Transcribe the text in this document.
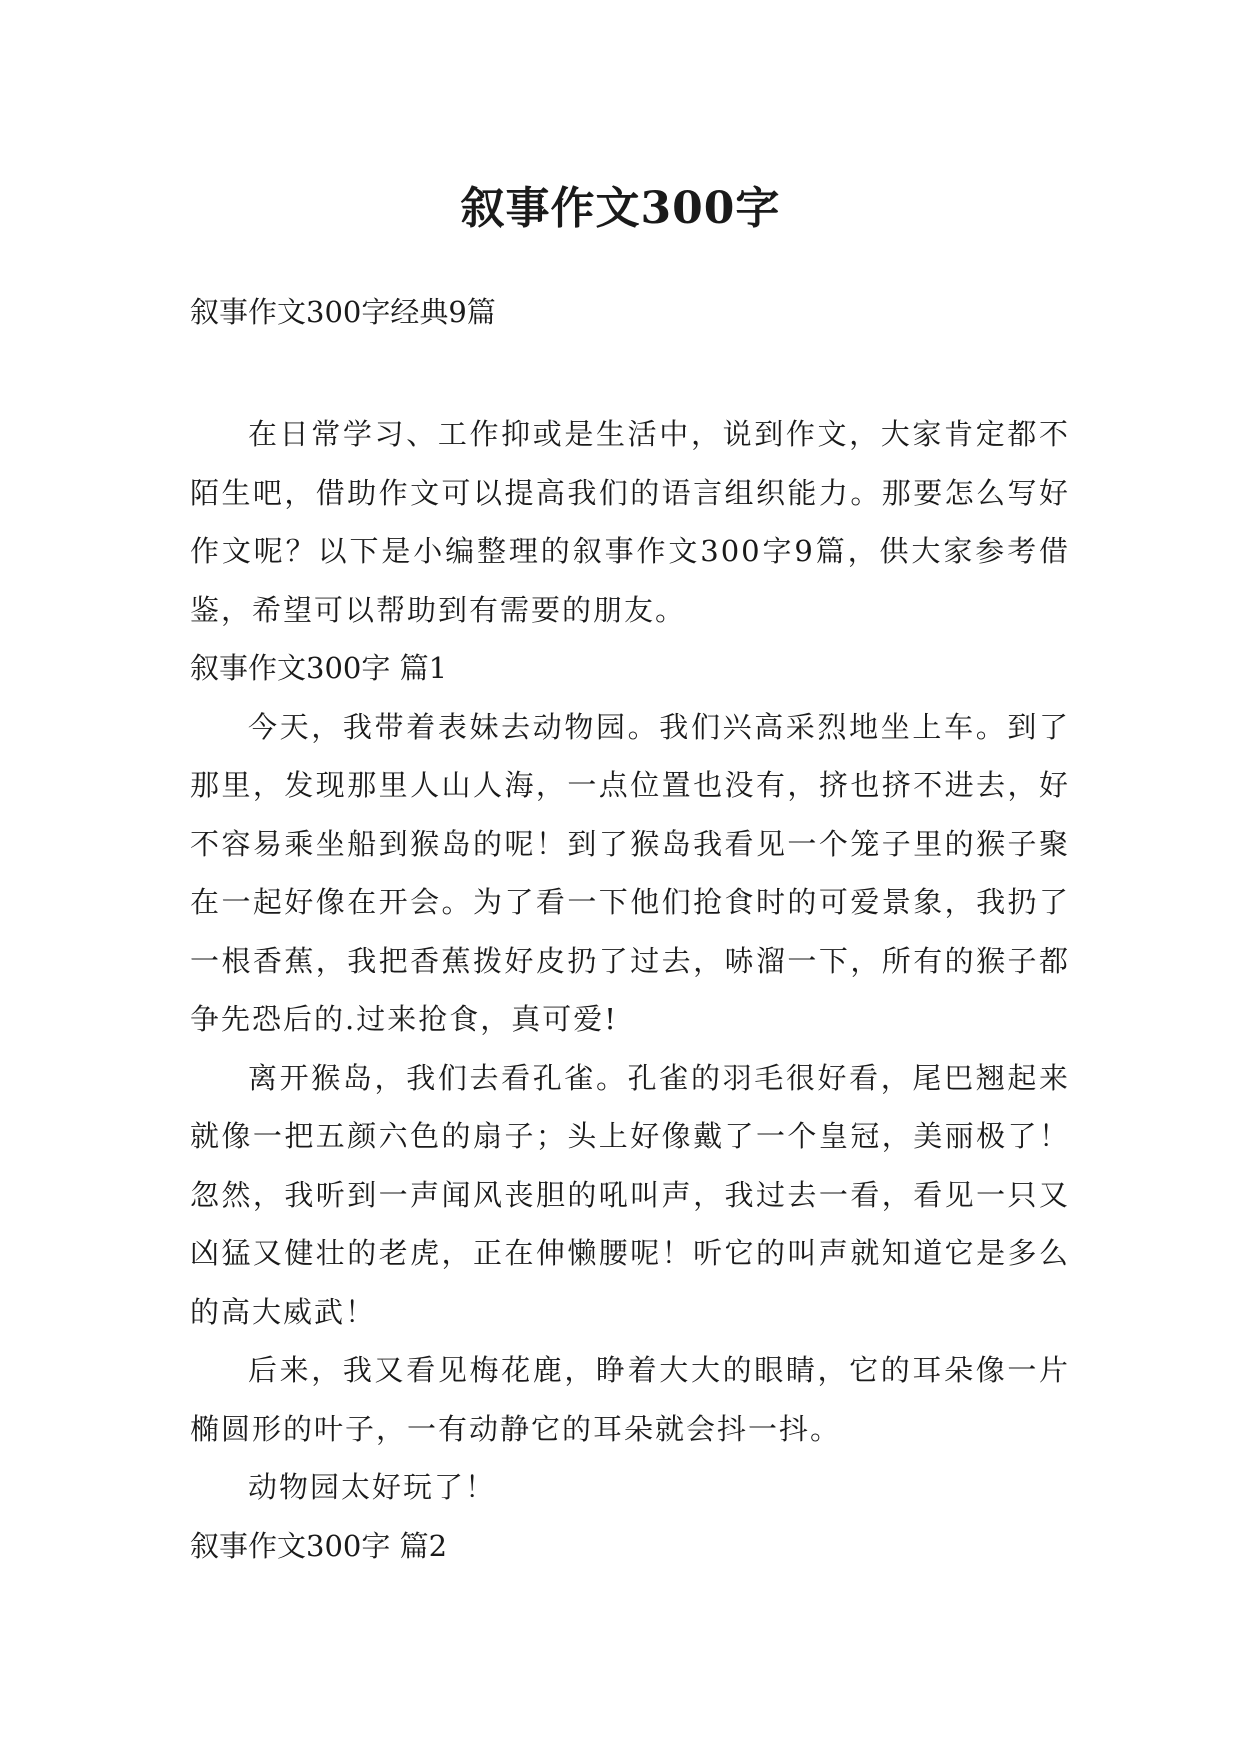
叙事作文300字
叙事作文300字经典9篇

在日常学习、工作抑或是生活中，说到作文，大家肯定都不陌生吧，借助作文可以提高我们的语言组织能力。那要怎么写好作文呢？以下是小编整理的叙事作文300字9篇，供大家参考借鉴，希望可以帮助到有需要的朋友。

叙事作文300字 篇1

今天，我带着表妹去动物园。我们兴高采烈地坐上车。到了那里，发现那里人山人海，一点位置也没有，挤也挤不进去，好不容易乘坐船到猴岛的呢！到了猴岛我看见一个笼子里的猴子聚在一起好像在开会。为了看一下他们抢食时的可爱景象，我扔了一根香蕉，我把香蕉拨好皮扔了过去，哧溜一下，所有的猴子都争先恐后的.过来抢食，真可爱!

离开猴岛，我们去看孔雀。孔雀的羽毛很好看，尾巴翘起来就像一把五颜六色的扇子；头上好像戴了一个皇冠，美丽极了！忽然，我听到一声闻风丧胆的吼叫声，我过去一看，看见一只又凶猛又健壮的老虎，正在伸懒腰呢！听它的叫声就知道它是多么的高大威武！

后来，我又看见梅花鹿，睁着大大的眼睛，它的耳朵像一片椭圆形的叶子，一有动静它的耳朵就会抖一抖。

动物园太好玩了！

叙事作文300字 篇2
